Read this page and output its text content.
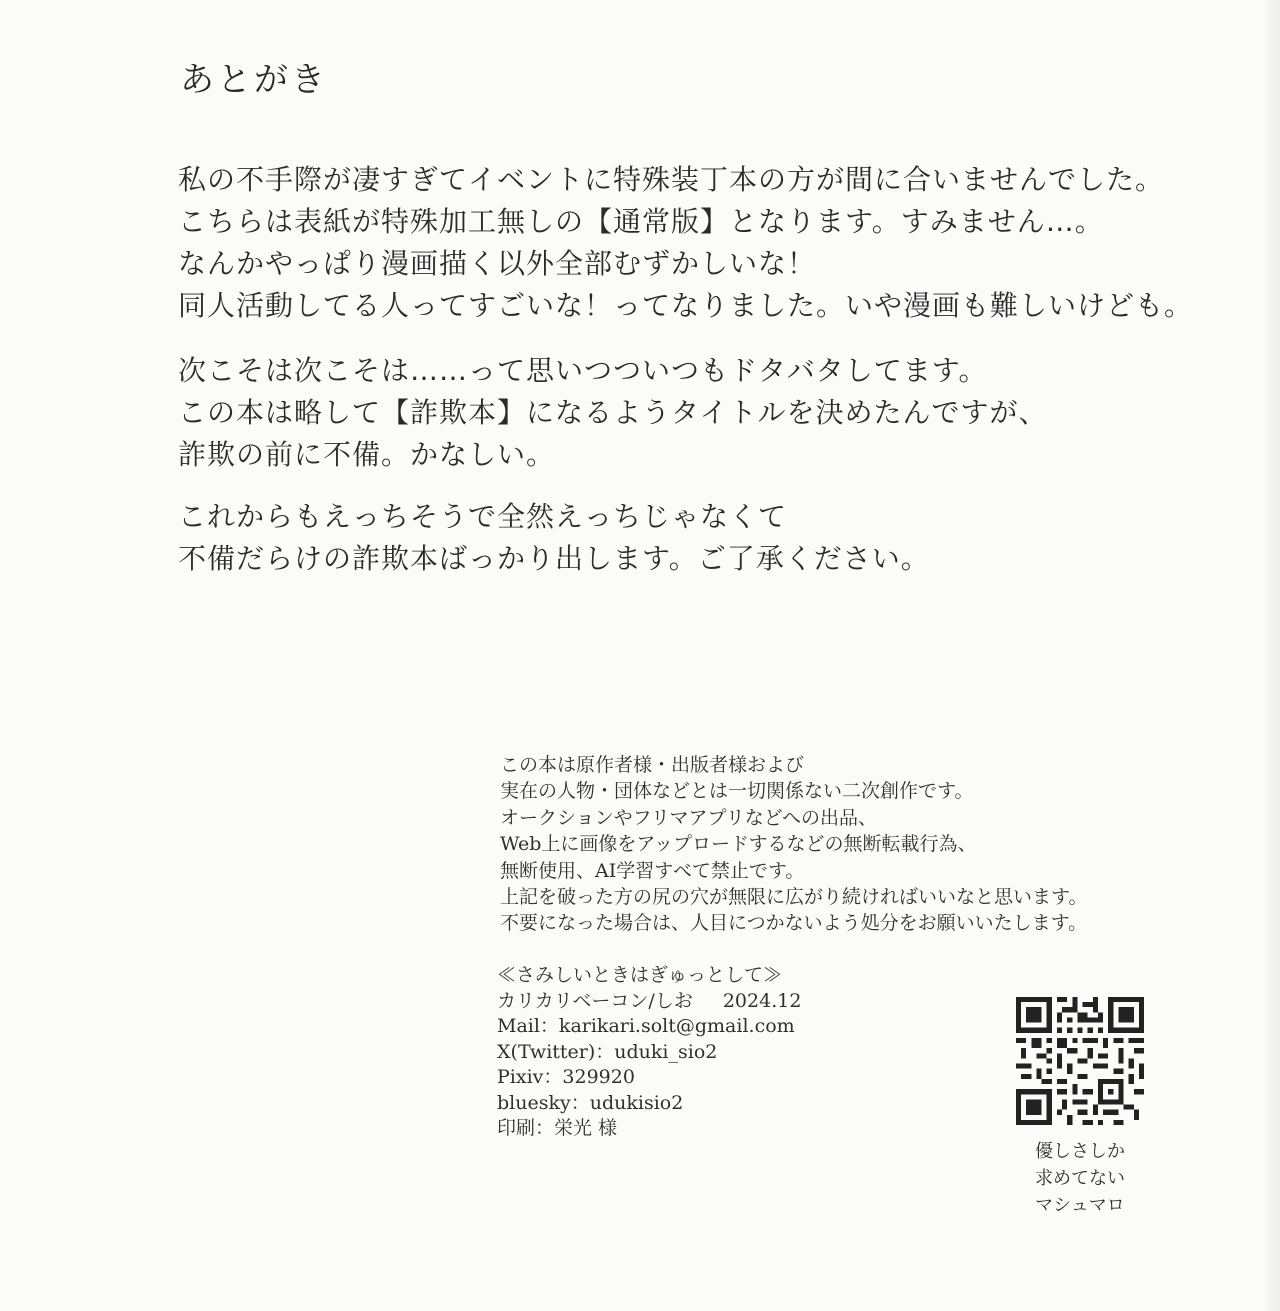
あとがき
私の不手際が凄すぎてイベントに特殊装丁本の方が間に合いませんでした。
こちらは表紙が特殊加工無しの【通常版】となります。すみません…。
なんかやっぱり漫画描く以外全部むずかしいな！
同人活動してる人ってすごいな！ってなりました。いや漫画も難しいけども。
次こそは次こそは……って思いつついつもドタバタしてます。
この本は略して【詐欺本】になるようタイトルを決めたんですが、
詐欺の前に不備。かなしい。
これからもえっちそうで全然えっちじゃなくて
不備だらけの詐欺本ばっかり出します。ご了承ください。
この本は原作者様・出版者様および
実在の人物・団体などとは一切関係ない二次創作です。
オークションやフリマアプリなどへの出品、
Web上に画像をアップロードするなどの無断転載行為、
無断使用、AI学習すべて禁止です。
上記を破った方の尻の穴が無限に広がり続ければいいなと思います。
不要になった場合は、人目につかないよう処分をお願いいたします。
≪さみしいときはぎゅっとして≫
カリカリベーコン/しお 2024.12
Mail：karikari.solt@gmail.com
X(Twitter)：uduki_sio2
Pixiv：329920
bluesky：udukisio2
印刷：栄光 様
優しさしか
求めてない
マシュマロ
